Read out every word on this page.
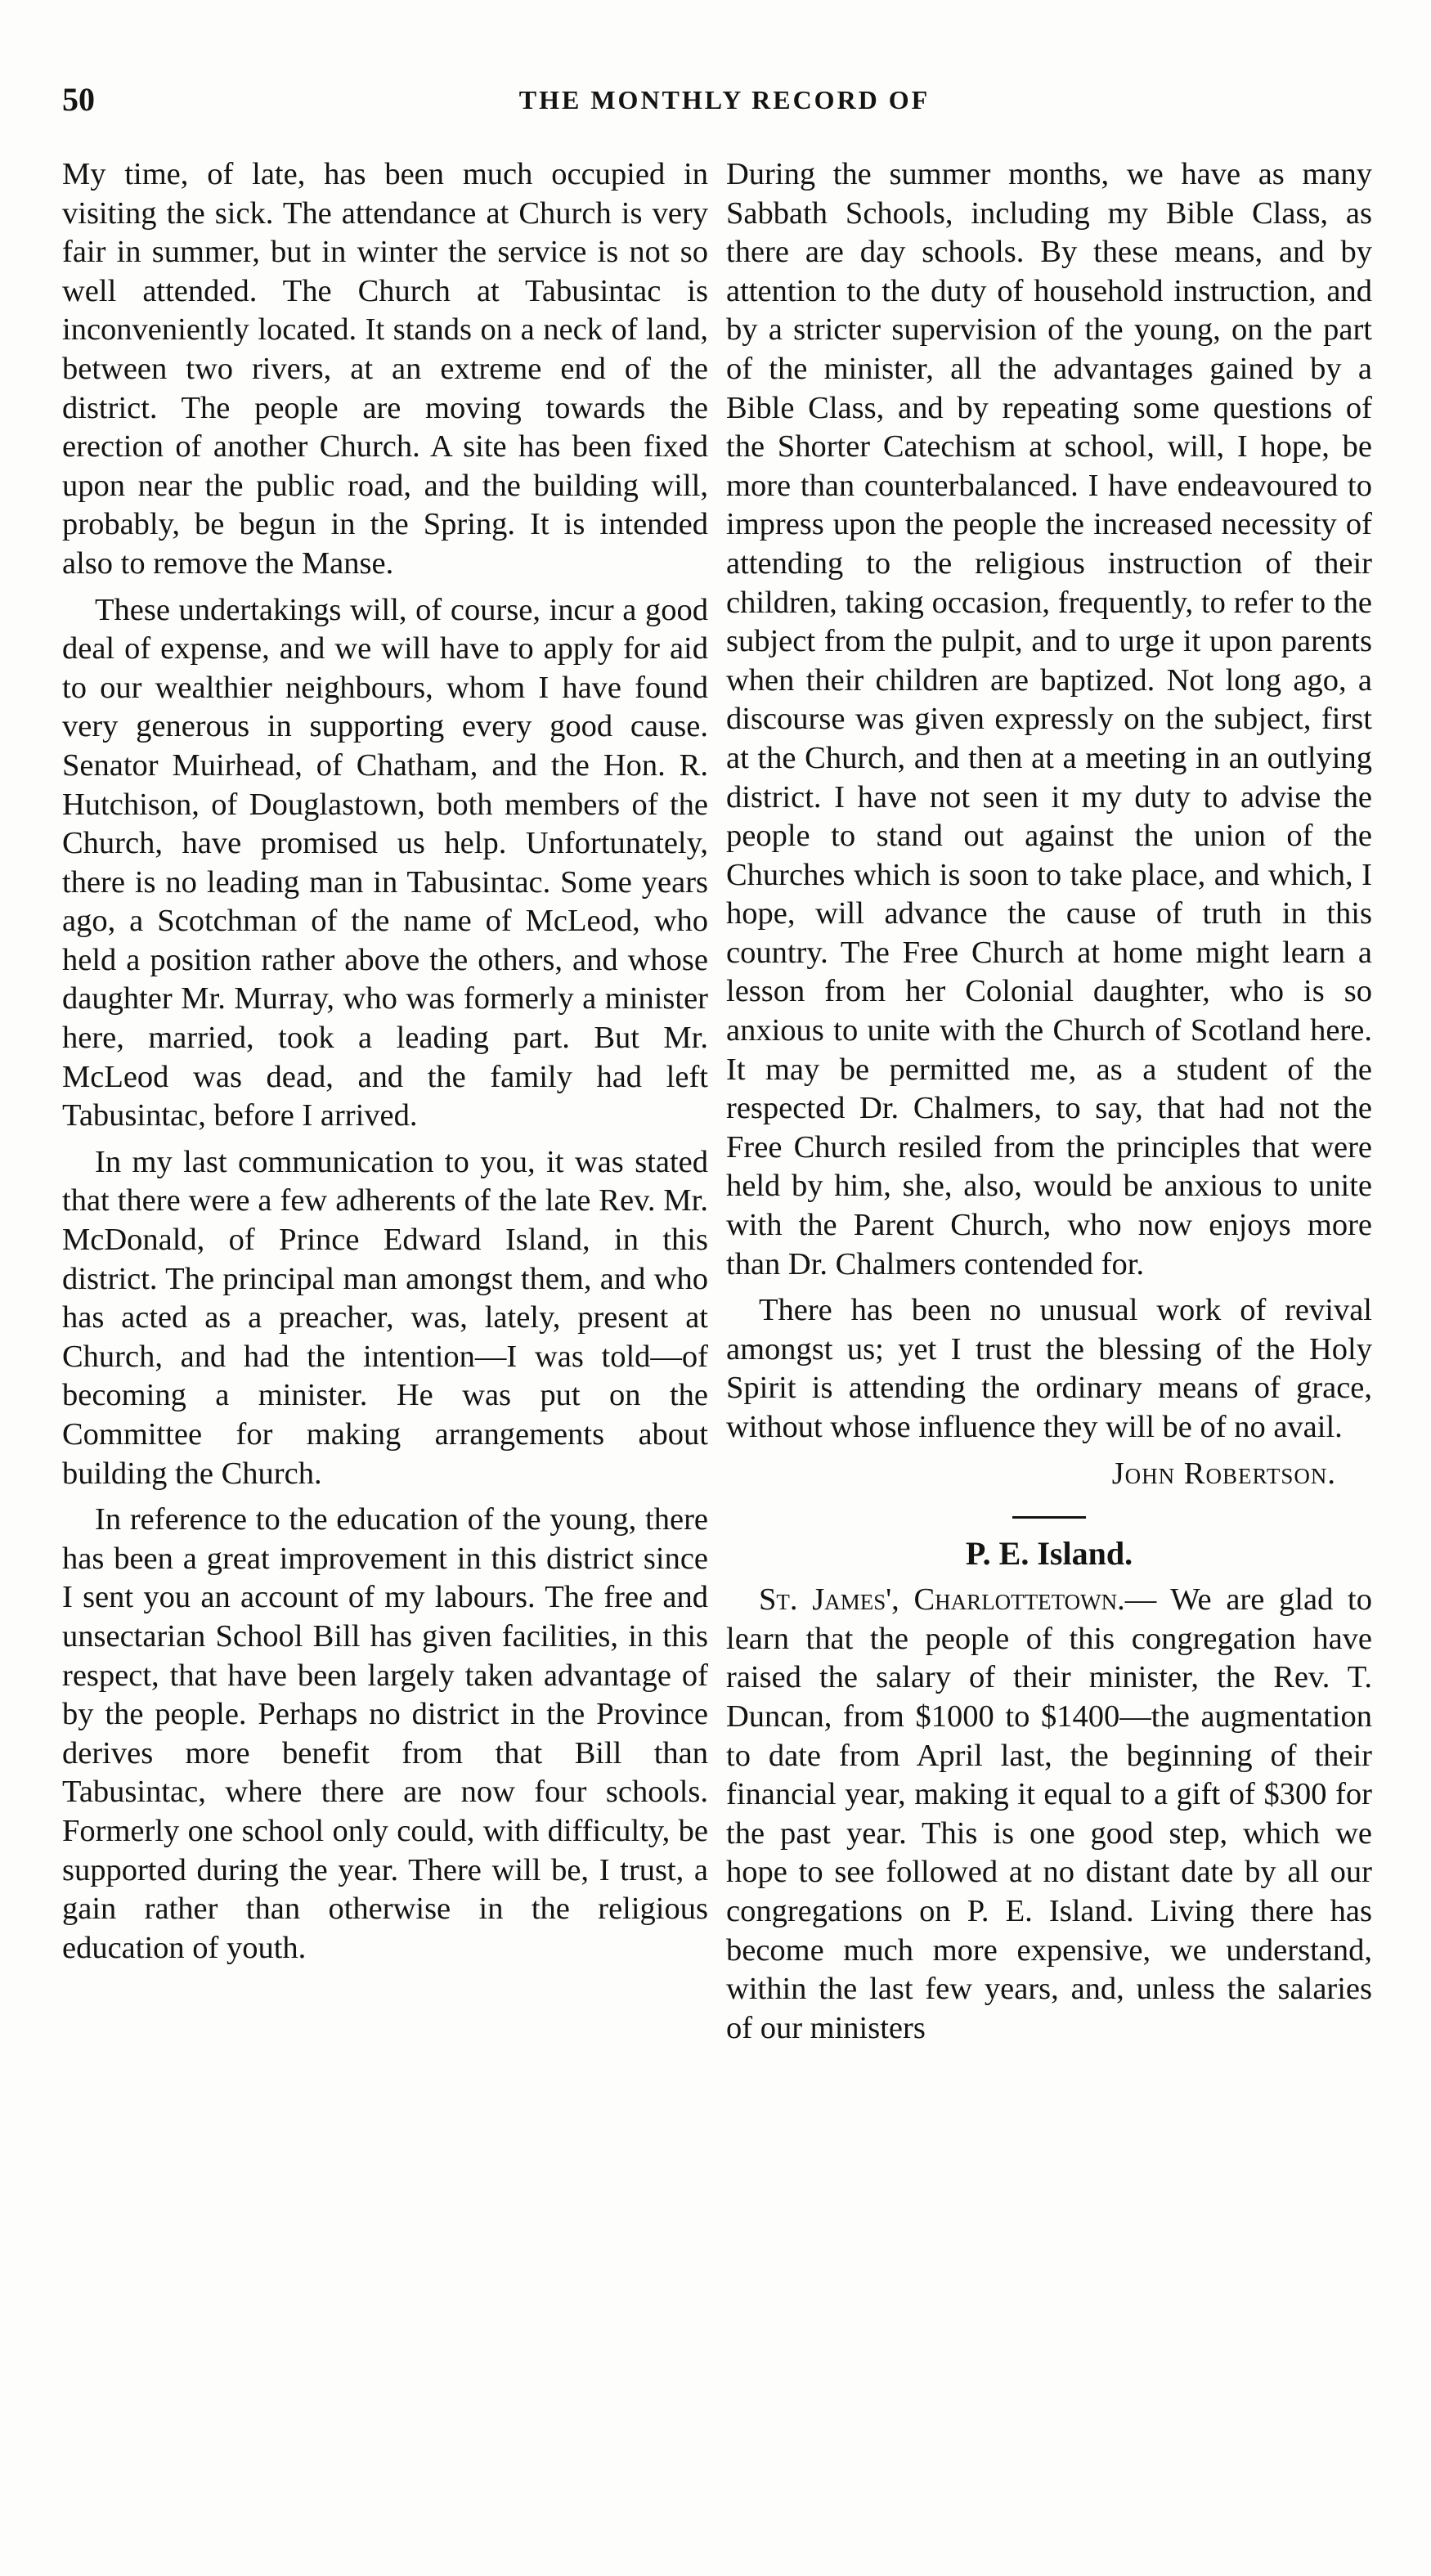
50	THE MONTHLY RECORD OF

My time, of late, has been much occupied in visiting the sick. The attendance at Church is very fair in summer, but in winter the service is not so well attended. The Church at Tabusintac is inconveniently located. It stands on a neck of land, between two rivers, at an extreme end of the district. The people are moving towards the erection of another Church. A site has been fixed upon near the public road, and the building will, probably, be begun in the Spring. It is intended also to remove the Manse.

These undertakings will, of course, incur a good deal of expense, and we will have to apply for aid to our wealthier neighbours, whom I have found very generous in supporting every good cause. Senator Muirhead, of Chatham, and the Hon. R. Hutchison, of Douglastown, both members of the Church, have promised us help. Unfortunately, there is no leading man in Tabusintac. Some years ago, a Scotchman of the name of McLeod, who held a position rather above the others, and whose daughter Mr. Murray, who was formerly a minister here, married, took a leading part. But Mr. McLeod was dead, and the family had left Tabusintac, before I arrived.

In my last communication to you, it was stated that there were a few adherents of the late Rev. Mr. McDonald, of Prince Edward Island, in this district. The principal man amongst them, and who has acted as a preacher, was, lately, present at Church, and had the intention—I was told—of becoming a minister. He was put on the Committee for making arrangements about building the Church.

In reference to the education of the young, there has been a great improvement in this district since I sent you an account of my labours. The free and unsectarian School Bill has given facilities, in this respect, that have been largely taken advantage of by the people. Perhaps no district in the Province derives more benefit from that Bill than Tabusintac, where there are now four schools. Formerly one school only could, with difficulty, be supported during the year. There will be, I trust, a gain rather than otherwise in the religious education of youth.

During the summer months, we have as many Sabbath Schools, including my Bible Class, as there are day schools. By these means, and by attention to the duty of household instruction, and by a stricter supervision of the young, on the part of the minister, all the advantages gained by a Bible Class, and by repeating some questions of the Shorter Catechism at school, will, I hope, be more than counterbalanced. I have endeavoured to impress upon the people the increased necessity of attending to the religious instruction of their children, taking occasion, frequently, to refer to the subject from the pulpit, and to urge it upon parents when their children are baptized. Not long ago, a discourse was given expressly on the subject, first at the Church, and then at a meeting in an outlying district. I have not seen it my duty to advise the people to stand out against the union of the Churches which is soon to take place, and which, I hope, will advance the cause of truth in this country. The Free Church at home might learn a lesson from her Colonial daughter, who is so anxious to unite with the Church of Scotland here. It may be permitted me, as a student of the respected Dr. Chalmers, to say, that had not the Free Church resiled from the principles that were held by him, she, also, would be anxious to unite with the Parent Church, who now enjoys more than Dr. Chalmers contended for.

There has been no unusual work of revival amongst us; yet I trust the blessing of the Holy Spirit is attending the ordinary means of grace, without whose influence they will be of no avail.

John Robertson.

P. E. Island.

St. James', Charlottetown.— We are glad to learn that the people of this congregation have raised the salary of their minister, the Rev. T. Duncan, from $1000 to $1400—the augmentation to date from April last, the beginning of their financial year, making it equal to a gift of $300 for the past year. This is one good step, which we hope to see followed at no distant date by all our congregations on P. E. Island. Living there has become much more expensive, we understand, within the last few years, and, unless the salaries of our ministers
